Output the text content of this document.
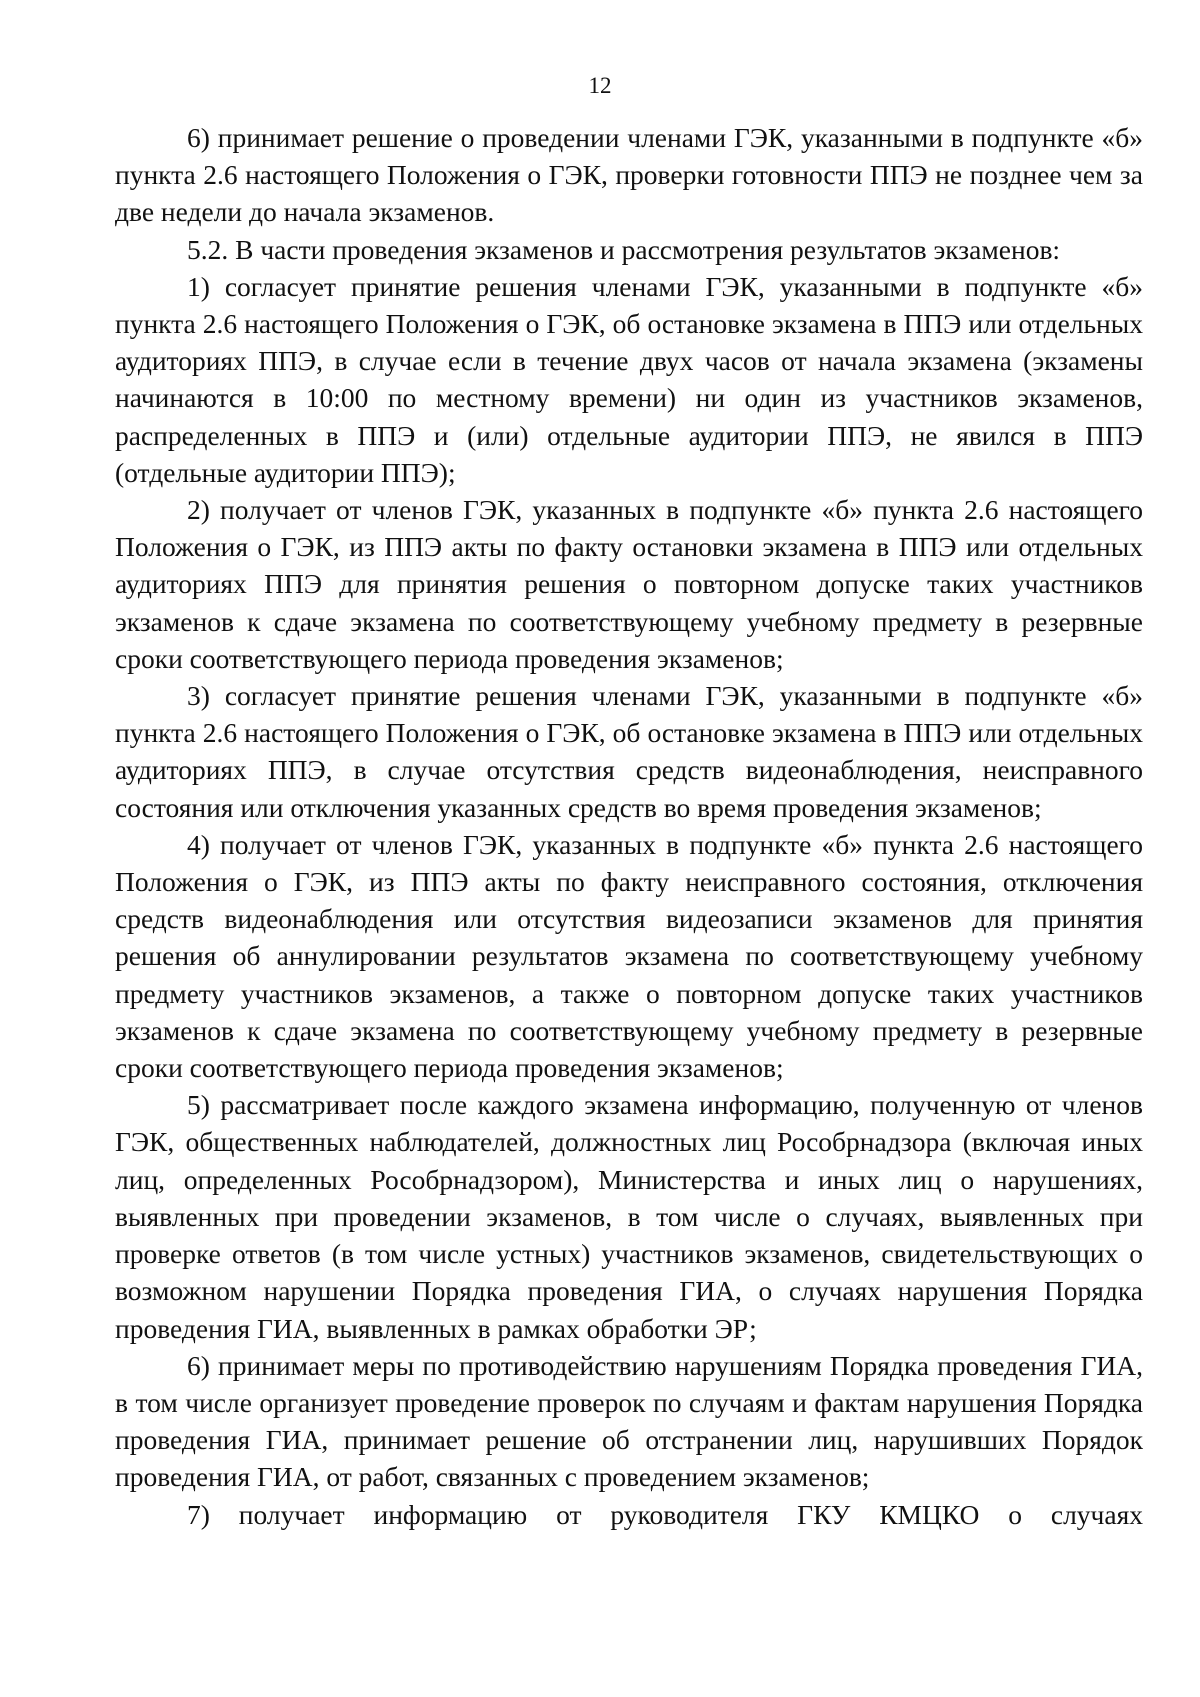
12

6) принимает решение о проведении членами ГЭК, указанными в подпункте «б» пункта 2.6 настоящего Положения о ГЭК, проверки готовности ППЭ не позднее чем за две недели до начала экзаменов.

5.2. В части проведения экзаменов и рассмотрения результатов экзаменов:

1) согласует принятие решения членами ГЭК, указанными в подпункте «б» пункта 2.6 настоящего Положения о ГЭК, об остановке экзамена в ППЭ или отдельных аудиториях ППЭ, в случае если в течение двух часов от начала экзамена (экзамены начинаются в 10:00 по местному времени) ни один из участников экзаменов, распределенных в ППЭ и (или) отдельные аудитории ППЭ, не явился в ППЭ (отдельные аудитории ППЭ);

2) получает от членов ГЭК, указанных в подпункте «б» пункта 2.6 настоящего Положения о ГЭК, из ППЭ акты по факту остановки экзамена в ППЭ или отдельных аудиториях ППЭ для принятия решения о повторном допуске таких участников экзаменов к сдаче экзамена по соответствующему учебному предмету в резервные сроки соответствующего периода проведения экзаменов;

3) согласует принятие решения членами ГЭК, указанными в подпункте «б» пункта 2.6 настоящего Положения о ГЭК, об остановке экзамена в ППЭ или отдельных аудиториях ППЭ, в случае отсутствия средств видеонаблюдения, неисправного состояния или отключения указанных средств во время проведения экзаменов;

4) получает от членов ГЭК, указанных в подпункте «б» пункта 2.6 настоящего Положения о ГЭК, из ППЭ акты по факту неисправного состояния, отключения средств видеонаблюдения или отсутствия видеозаписи экзаменов для принятия решения об аннулировании результатов экзамена по соответствующему учебному предмету участников экзаменов, а также о повторном допуске таких участников экзаменов к сдаче экзамена по соответствующему учебному предмету в резервные сроки соответствующего периода проведения экзаменов;

5) рассматривает после каждого экзамена информацию, полученную от членов ГЭК, общественных наблюдателей, должностных лиц Рособрнадзора (включая иных лиц, определенных Рособрнадзором), Министерства и иных лиц о нарушениях, выявленных при проведении экзаменов, в том числе о случаях, выявленных при проверке ответов (в том числе устных) участников экзаменов, свидетельствующих о возможном нарушении Порядка проведения ГИА, о случаях нарушения Порядка проведения ГИА, выявленных в рамках обработки ЭР;

6) принимает меры по противодействию нарушениям Порядка проведения ГИА, в том числе организует проведение проверок по случаям и фактам нарушения Порядка проведения ГИА, принимает решение об отстранении лиц, нарушивших Порядок проведения ГИА, от работ, связанных с проведением экзаменов;

7) получает информацию от руководителя ГКУ КМЦКО о случаях
